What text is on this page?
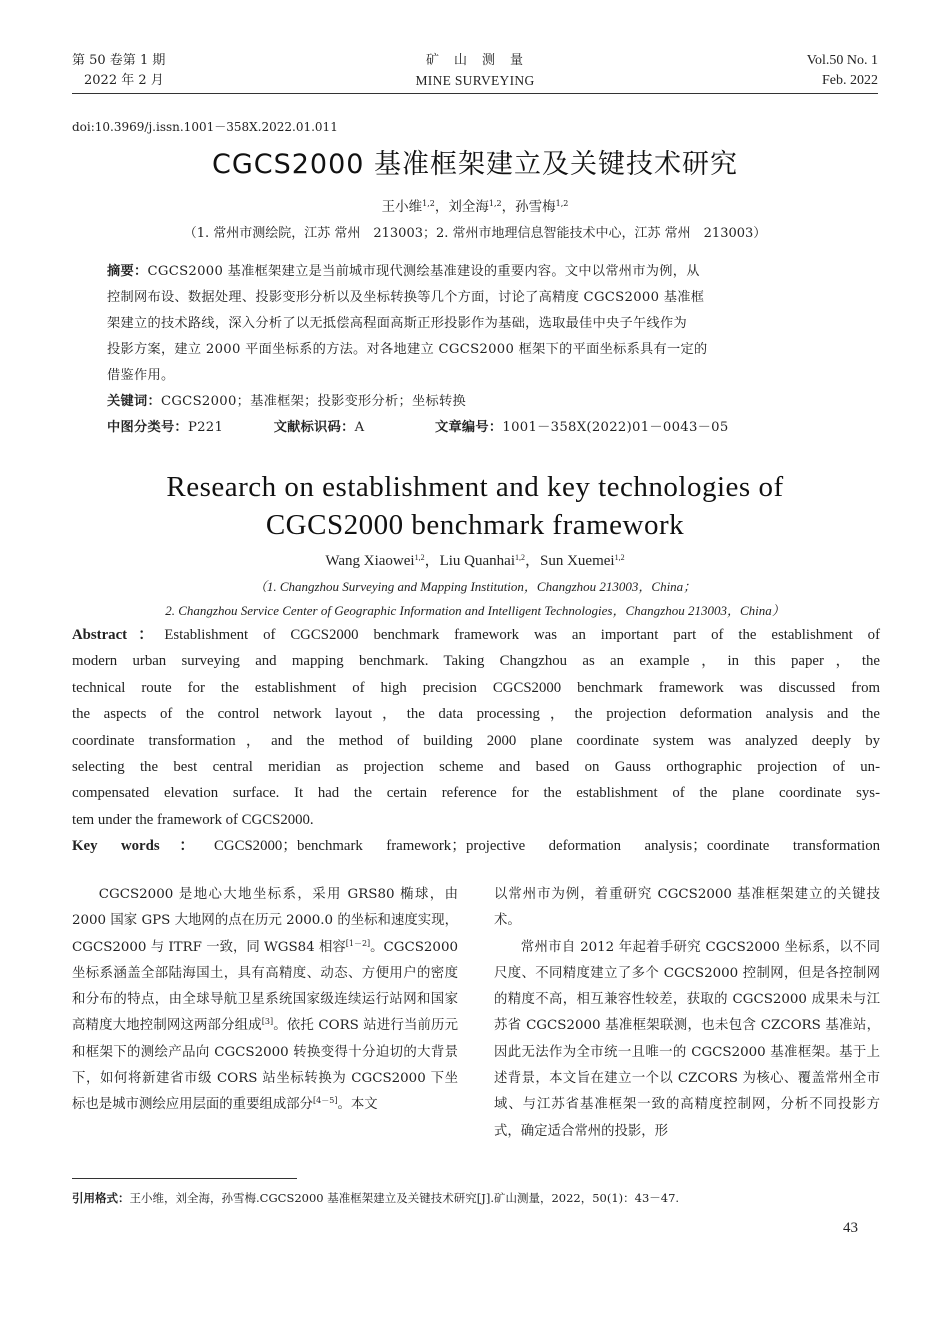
第 50 卷第 1 期
2022 年 2 月
矿　山　测　量
MINE SURVEYING
Vol.50 No. 1
Feb. 2022
doi:10.3969/j.issn.1001－358X.2022.01.011
CGCS2000 基准框架建立及关键技术研究
王小维$^{1,2}$，刘全海$^{1,2}$，孙雪梅$^{1,2}$
（1. 常州市测绘院，江苏 常州　213003；2. 常州市地理信息智能技术中心，江苏 常州　213003）
摘要：CGCS2000 基准框架建立是当前城市现代测绘基准建设的重要内容。文中以常州市为例，从
控制网布设、数据处理、投影变形分析以及坐标转换等几个方面，讨论了高精度 CGCS2000 基准框
架建立的技术路线，深入分析了以无抵偿高程面高斯正形投影作为基础，选取最佳中央子午线作为
投影方案，建立 2000 平面坐标系的方法。对各地建立 CGCS2000 框架下的平面坐标系具有一定的
借鉴作用。
关键词：CGCS2000；基准框架；投影变形分析；坐标转换
中图分类号：P221	文献标识码：A	文章编号：1001－358X(2022)01－0043－05
Research on establishment and key technologies of
CGCS2000 benchmark framework
Wang Xiaowei$^{1,2}$，Liu Quanhai$^{1,2}$，Sun Xuemei$^{1,2}$
（1. Changzhou Surveying and Mapping Institution，Changzhou 213003，China；
2. Changzhou Service Center of Geographic Information and Intelligent Technologies，Changzhou 213003，China）
Abstract：Establishment of CGCS2000 benchmark framework was an important part of the establishment of
modern urban surveying and mapping benchmark. Taking Changzhou as an example，in this paper，the
technical route for the establishment of high precision CGCS2000 benchmark framework was discussed from
the aspects of the control network layout，the data processing，the projection deformation analysis and the
coordinate transformation，and the method of building 2000 plane coordinate system was analyzed deeply by
selecting the best central meridian as projection scheme and based on Gauss orthographic projection of un-
compensated elevation surface. It had the certain reference for the establishment of the plane coordinate sys-
tem under the framework of CGCS2000.
Key words：CGCS2000；benchmark framework；projective deformation analysis；coordinate transformation

CGCS2000 是地心大地坐标系，采用 GRS80 椭球，由 2000 国家 GPS 大地网的点在历元 2000.0 的坐标和速度实现，CGCS2000 与 ITRF 一致，同 WGS84 相容[1－2]。CGCS2000 坐标系涵盖全部陆海国土，具有高精度、动态、方便用户的密度和分布的特点，由全球导航卫星系统国家级连续运行站网和国家高精度大地控制网这两部分组成[3]。依托 CORS 站进行当前历元和框架下的测绘产品向 CGCS2000 转换变得十分迫切的大背景下，如何将新建省市级 CORS 站坐标转换为 CGCS2000 下坐标也是城市测绘应用层面的重要组成部分[4－5]。本文

以常州市为例，着重研究 CGCS2000 基准框架建立的关键技术。

常州市自 2012 年起着手研究 CGCS2000 坐标系，以不同尺度、不同精度建立了多个 CGCS2000 控制网，但是各控制网的精度不高，相互兼容性较差，获取的 CGCS2000 成果未与江苏省 CGCS2000 基准框架联测，也未包含 CZCORS 基准站，因此无法作为全市统一且唯一的 CGCS2000 基准框架。基于上述背景，本文旨在建立一个以 CZCORS 为核心、覆盖常州全市域、与江苏省基准框架一致的高精度控制网，分析不同投影方式，确定适合常州的投影，形

引用格式：王小维，刘全海，孙雪梅.CGCS2000 基准框架建立及关键技术研究[J].矿山测量，2022，50(1)：43－47.
43
